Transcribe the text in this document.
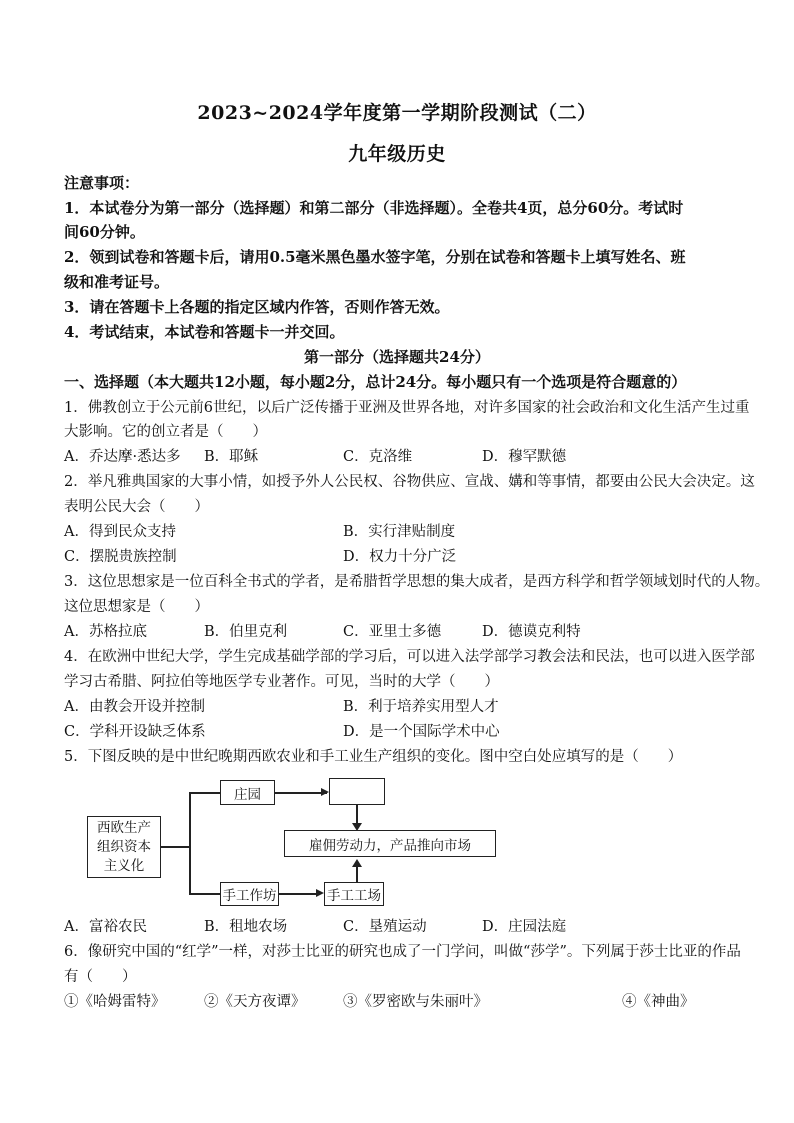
2023~2024学年度第一学期阶段测试（二）
九年级历史
注意事项：
1．本试卷分为第一部分（选择题）和第二部分（非选择题）。全卷共4页，总分60分。考试时
间60分钟。
2．领到试卷和答题卡后，请用0.5毫米黑色墨水签字笔，分别在试卷和答题卡上填写姓名、班
级和准考证号。
3．请在答题卡上各题的指定区域内作答，否则作答无效。
4．考试结束，本试卷和答题卡一并交回。
第一部分（选择题共24分）
一、选择题（本大题共12小题，每小题2分，总计24分。每小题只有一个选项是符合题意的）
1．佛教创立于公元前6世纪，以后广泛传播于亚洲及世界各地，对许多国家的社会政治和文化生活产生过重
大影响。它的创立者是（　　）
A．乔达摩·悉达多 B．耶稣	C．克洛维	D．穆罕默德
2．举凡雅典国家的大事小情，如授予外人公民权、谷物供应、宣战、媾和等事情，都要由公民大会决定。这
表明公民大会（　　）
A．得到民众支持	B．实行津贴制度
C．摆脱贵族控制	D．权力十分广泛
3．这位思想家是一位百科全书式的学者，是希腊哲学思想的集大成者，是西方科学和哲学领域划时代的人物。
这位思想家是（　　）
A．苏格拉底	B．伯里克利	C．亚里士多德	D．德谟克利特
4．在欧洲中世纪大学，学生完成基础学部的学习后，可以进入法学部学习教会法和民法，也可以进入医学部
学习古希腊、阿拉伯等地医学专业著作。可见，当时的大学（　　）
A．由教会开设并控制	B．利于培养实用型人才
C．学科开设缺乏体系	D．是一个国际学术中心
5．下图反映的是中世纪晚期西欧农业和手工业生产组织的变化。图中空白处应填写的是（　　）
西欧生产
组织资本
主义化
庄园
雇佣劳动力，产品推向市场
手工作坊	手工工场
A．富裕农民	B．租地农场	C．垦殖运动	D．庄园法庭
6．像研究中国的“红学”一样，对莎士比亚的研究也成了一门学问，叫做“莎学”。下列属于莎士比亚的作品
有（　　）
①《哈姆雷特》	②《天方夜谭》	③《罗密欧与朱丽叶》	④《神曲》
